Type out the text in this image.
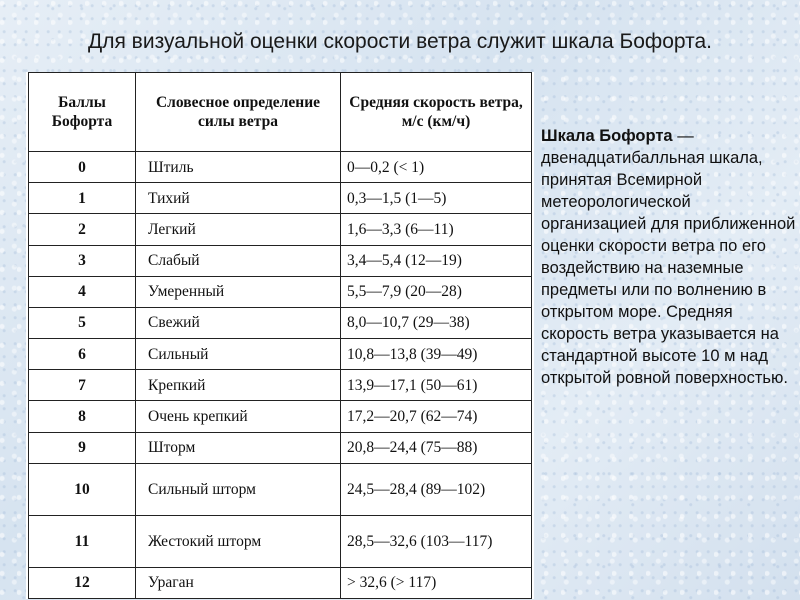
Для визуальной оценки скорости ветра служит шкала Бофорта.
Баллы Бофорта	Словесное определение силы ветра	Средняя скорость ветра, м/с (км/ч)
0	Штиль	0—0,2 (< 1)
1	Тихий	0,3—1,5 (1—5)
2	Легкий	1,6—3,3 (6—11)
3	Слабый	3,4—5,4 (12—19)
4	Умеренный	5,5—7,9 (20—28)
5	Свежий	8,0—10,7 (29—38)
6	Сильный	10,8—13,8 (39—49)
7	Крепкий	13,9—17,1 (50—61)
8	Очень крепкий	17,2—20,7 (62—74)
9	Шторм	20,8—24,4 (75—88)
10	Сильный шторм	24,5—28,4 (89—102)
11	Жестокий шторм	28,5—32,6 (103—117)
12	Ураган	> 32,6 (> 117)

Шкала Бофорта — двенадцатибалльная шкала, принятая Всемирной метеорологической организацией для приближенной оценки скорости ветра по его воздействию на наземные предметы или по волнению в открытом море. Средняя скорость ветра указывается на стандартной высоте 10 м над открытой ровной поверхностью.
